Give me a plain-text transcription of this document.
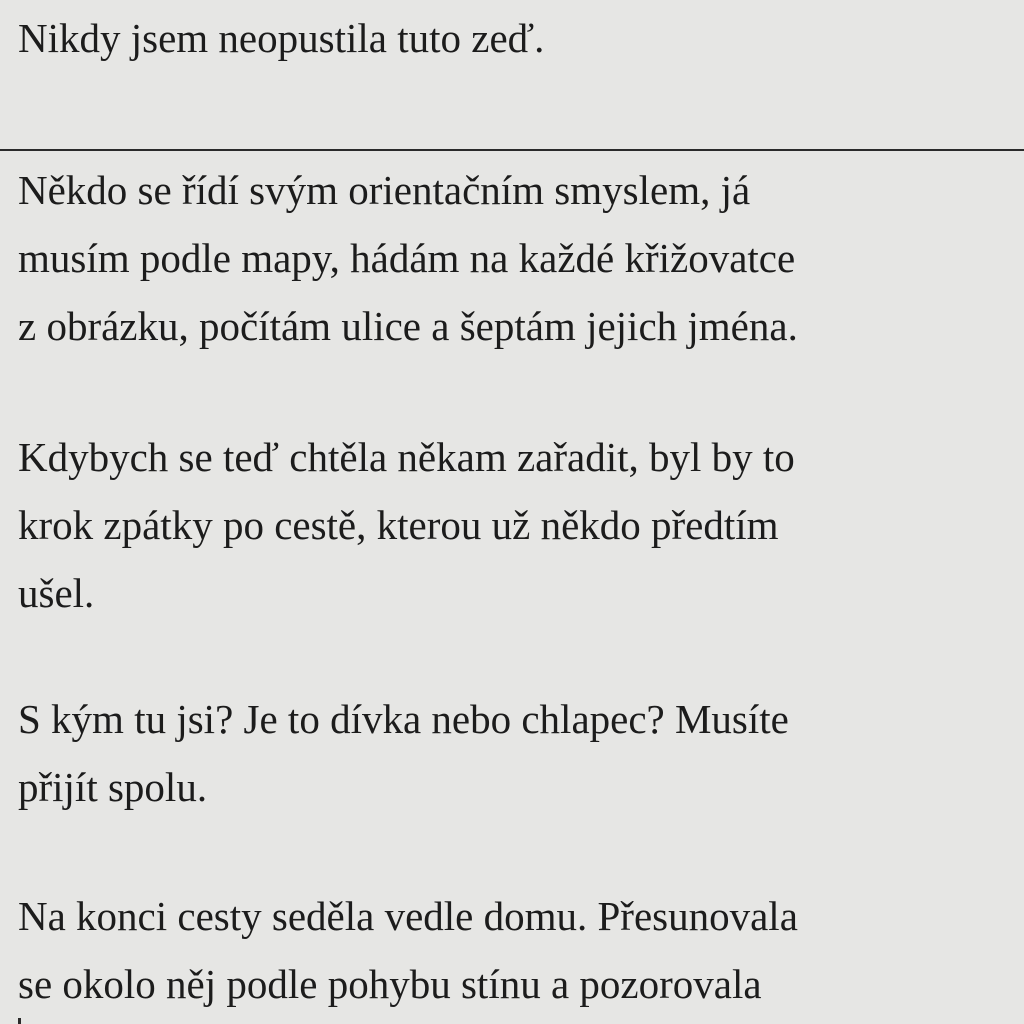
Nikdy jsem neopustila tuto zeď.

Někdo se řídí svým orientačním smyslem, já
musím podle mapy, hádám na každé křižovatce
z obrázku, počítám ulice a šeptám jejich jména.

Kdybych se teď chtěla někam zařadit, byl by to
krok zpátky po cestě, kterou už někdo předtím
ušel.

S kým tu jsi? Je to dívka nebo chlapec? Musíte
přijít spolu.

Na konci cesty seděla vedle domu. Přesunovala
se okolo něj podle pohybu stínu a pozorovala
